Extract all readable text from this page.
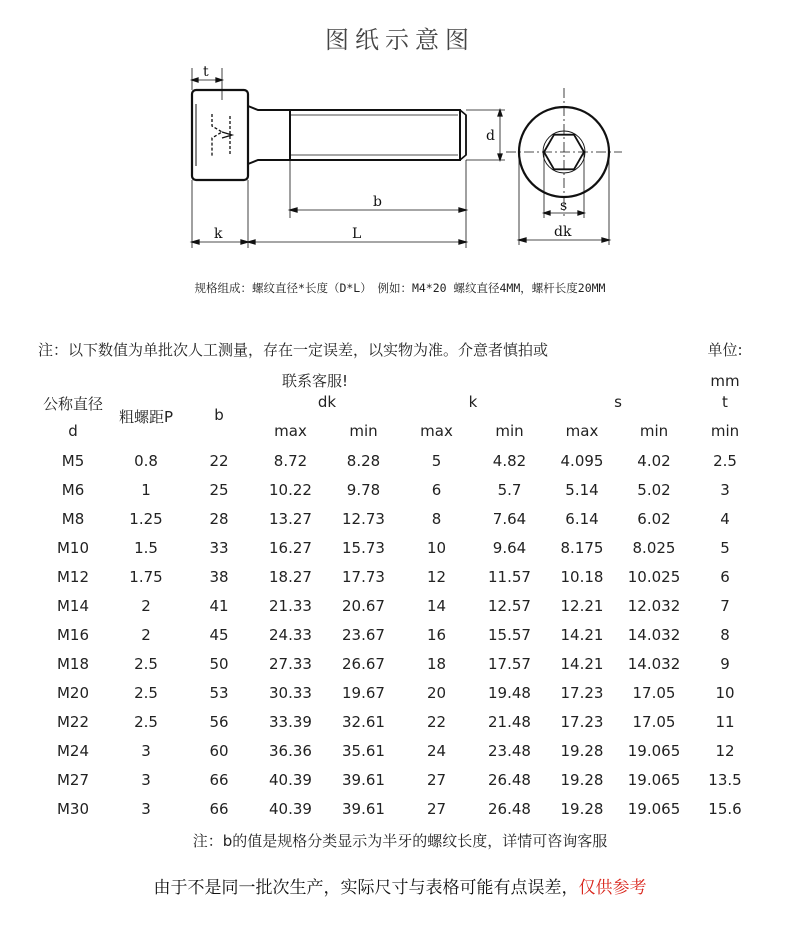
图纸示意图
t
d
b
k	L
s
dk
规格组成：螺纹直径*长度（D*L）　例如：M4*20 螺纹直径4MM，螺杆长度20MM
注：以下数值为单批次人工测量，存在一定误差，以实物为准。介意者慎拍或
联系客服!
单位:
mm
公称直径
d
粗螺距P	b
dk	k	s	t
max	min	max	min	max	min	min
M5	0.8	22	8.72	8.28	5	4.82	4.095	4.02	2.5
M6	1	25	10.22	9.78	6	5.7	5.14	5.02	3
M8	1.25	28	13.27	12.73	8	7.64	6.14	6.02	4
M10	1.5	33	16.27	15.73	10	9.64	8.175	8.025	5
M12	1.75	38	18.27	17.73	12	11.57	10.18	10.025	6
M14	2	41	21.33	20.67	14	12.57	12.21	12.032	7
M16	2	45	24.33	23.67	16	15.57	14.21	14.032	8
M18	2.5	50	27.33	26.67	18	17.57	14.21	14.032	9
M20	2.5	53	30.33	19.67	20	19.48	17.23	17.05	10
M22	2.5	56	33.39	32.61	22	21.48	17.23	17.05	11
M24	3	60	36.36	35.61	24	23.48	19.28	19.065	12
M27	3	66	40.39	39.61	27	26.48	19.28	19.065	13.5
M30	3	66	40.39	39.61	27	26.48	19.28	19.065	15.6
注：b的值是规格分类显示为半牙的螺纹长度，详情可咨询客服
由于不是同一批次生产，实际尺寸与表格可能有点误差，仅供参考
